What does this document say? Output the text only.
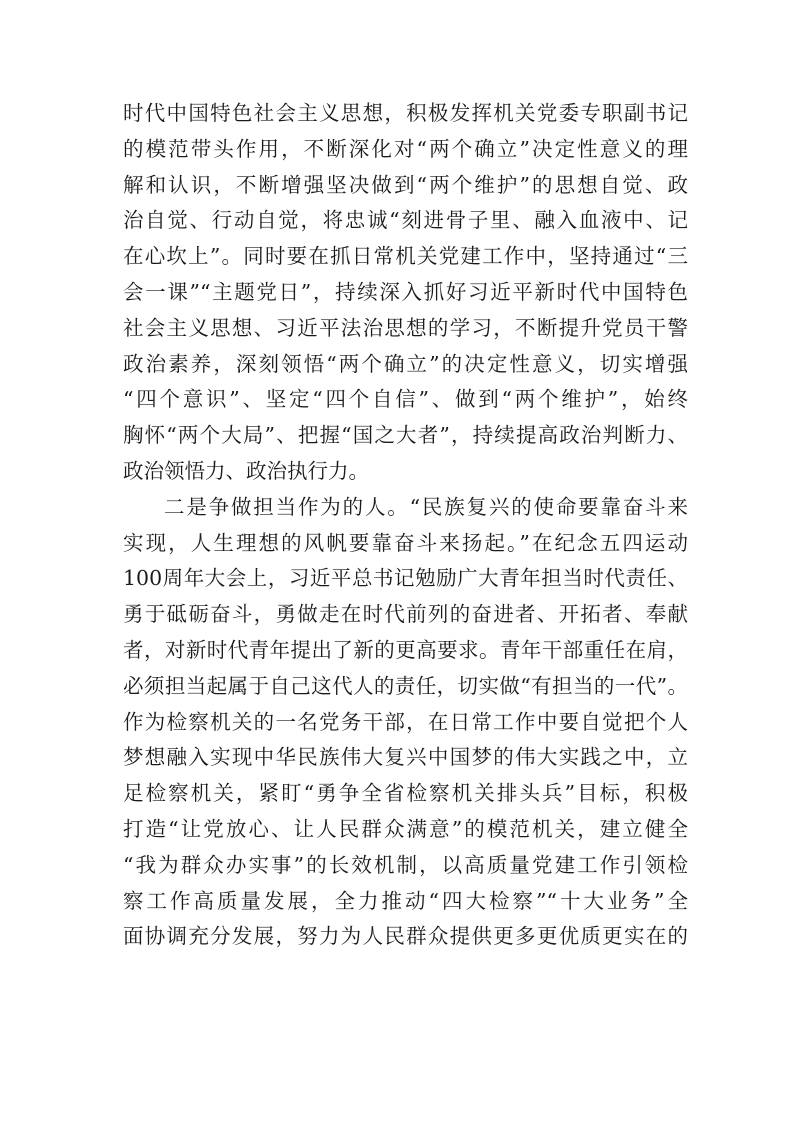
时代中国特色社会主义思想，积极发挥机关党委专职副书记
的模范带头作用，不断深化对“两个确立”决定性意义的理
解和认识，不断增强坚决做到“两个维护”的思想自觉、政
治自觉、行动自觉，将忠诚“刻进骨子里、融入血液中、记
在心坎上”。同时要在抓日常机关党建工作中，坚持通过“三
会一课”“主题党日”，持续深入抓好习近平新时代中国特色
社会主义思想、习近平法治思想的学习，不断提升党员干警
政治素养，深刻领悟“两个确立”的决定性意义，切实增强
“四个意识”、坚定“四个自信”、做到“两个维护”，始终
胸怀“两个大局”、把握“国之大者”，持续提高政治判断力、
政治领悟力、政治执行力。
二是争做担当作为的人。“民族复兴的使命要靠奋斗来
实现，人生理想的风帆要靠奋斗来扬起。”在纪念五四运动
100周年大会上，习近平总书记勉励广大青年担当时代责任、
勇于砥砺奋斗，勇做走在时代前列的奋进者、开拓者、奉献
者，对新时代青年提出了新的更高要求。青年干部重任在肩，
必须担当起属于自己这代人的责任，切实做“有担当的一代”。
作为检察机关的一名党务干部，在日常工作中要自觉把个人
梦想融入实现中华民族伟大复兴中国梦的伟大实践之中，立
足检察机关，紧盯“勇争全省检察机关排头兵”目标，积极
打造“让党放心、让人民群众满意”的模范机关，建立健全
“我为群众办实事”的长效机制，以高质量党建工作引领检
察工作高质量发展，全力推动“四大检察”“十大业务”全
面协调充分发展，努力为人民群众提供更多更优质更实在的
